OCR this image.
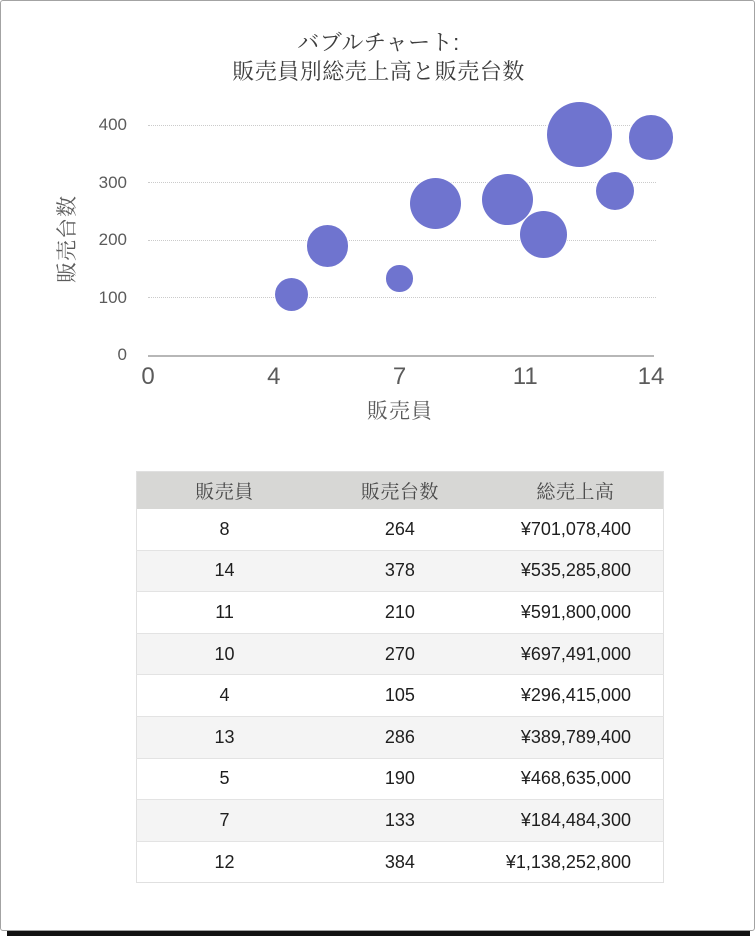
バブルチャート:
販売員別総売上高と販売台数
販売台数
400
300
200
100
0
0	4	7	11	14
販売員
販売員	販売台数	総売上高
8	264	¥701,078,400
14	378	¥535,285,800
11	210	¥591,800,000
10	270	¥697,491,000
4	105	¥296,415,000
13	286	¥389,789,400
5	190	¥468,635,000
7	133	¥184,484,300
12	384	¥1,138,252,800
